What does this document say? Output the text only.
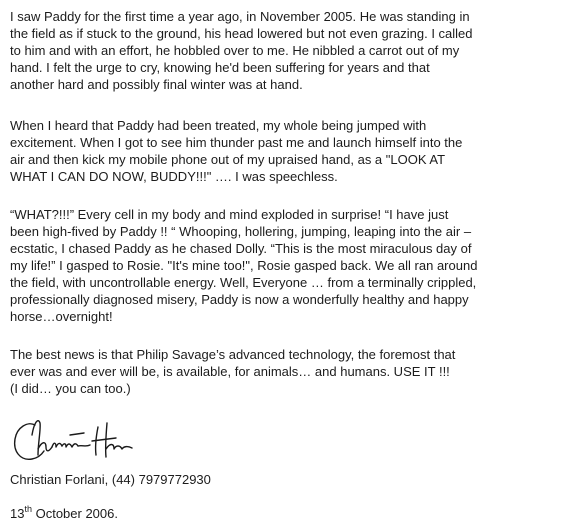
I saw Paddy for the first time a year ago, in November 2005. He was standing in
the field as if stuck to the ground, his head lowered but not even grazing. I called
to him and with an effort, he hobbled over to me. He nibbled a carrot out of my
hand. I felt the urge to cry, knowing he'd been suffering for years and that
another hard and possibly final winter was at hand.

When I heard that Paddy had been treated, my whole being jumped with
excitement. When I got to see him thunder past me and launch himself into the
air and then kick my mobile phone out of my upraised hand, as a "LOOK AT
WHAT I CAN DO NOW, BUDDY!!!" …. I was speechless.

“WHAT?!!!” Every cell in my body and mind exploded in surprise! “I have just
been high-fived by Paddy !! “ Whooping, hollering, jumping, leaping into the air –
ecstatic, I chased Paddy as he chased Dolly. “This is the most miraculous day of
my life!” I gasped to Rosie. "It's mine too!", Rosie gasped back. We all ran around
the field, with uncontrollable energy. Well, Everyone … from a terminally crippled,
professionally diagnosed misery, Paddy is now a wonderfully healthy and happy
horse…overnight!

The best news is that Philip Savage’s advanced technology, the foremost that
ever was and ever will be, is available, for animals… and humans. USE IT !!!
(I did… you can too.)

Christian Forlani, (44) 7979772930
13th October 2006.
